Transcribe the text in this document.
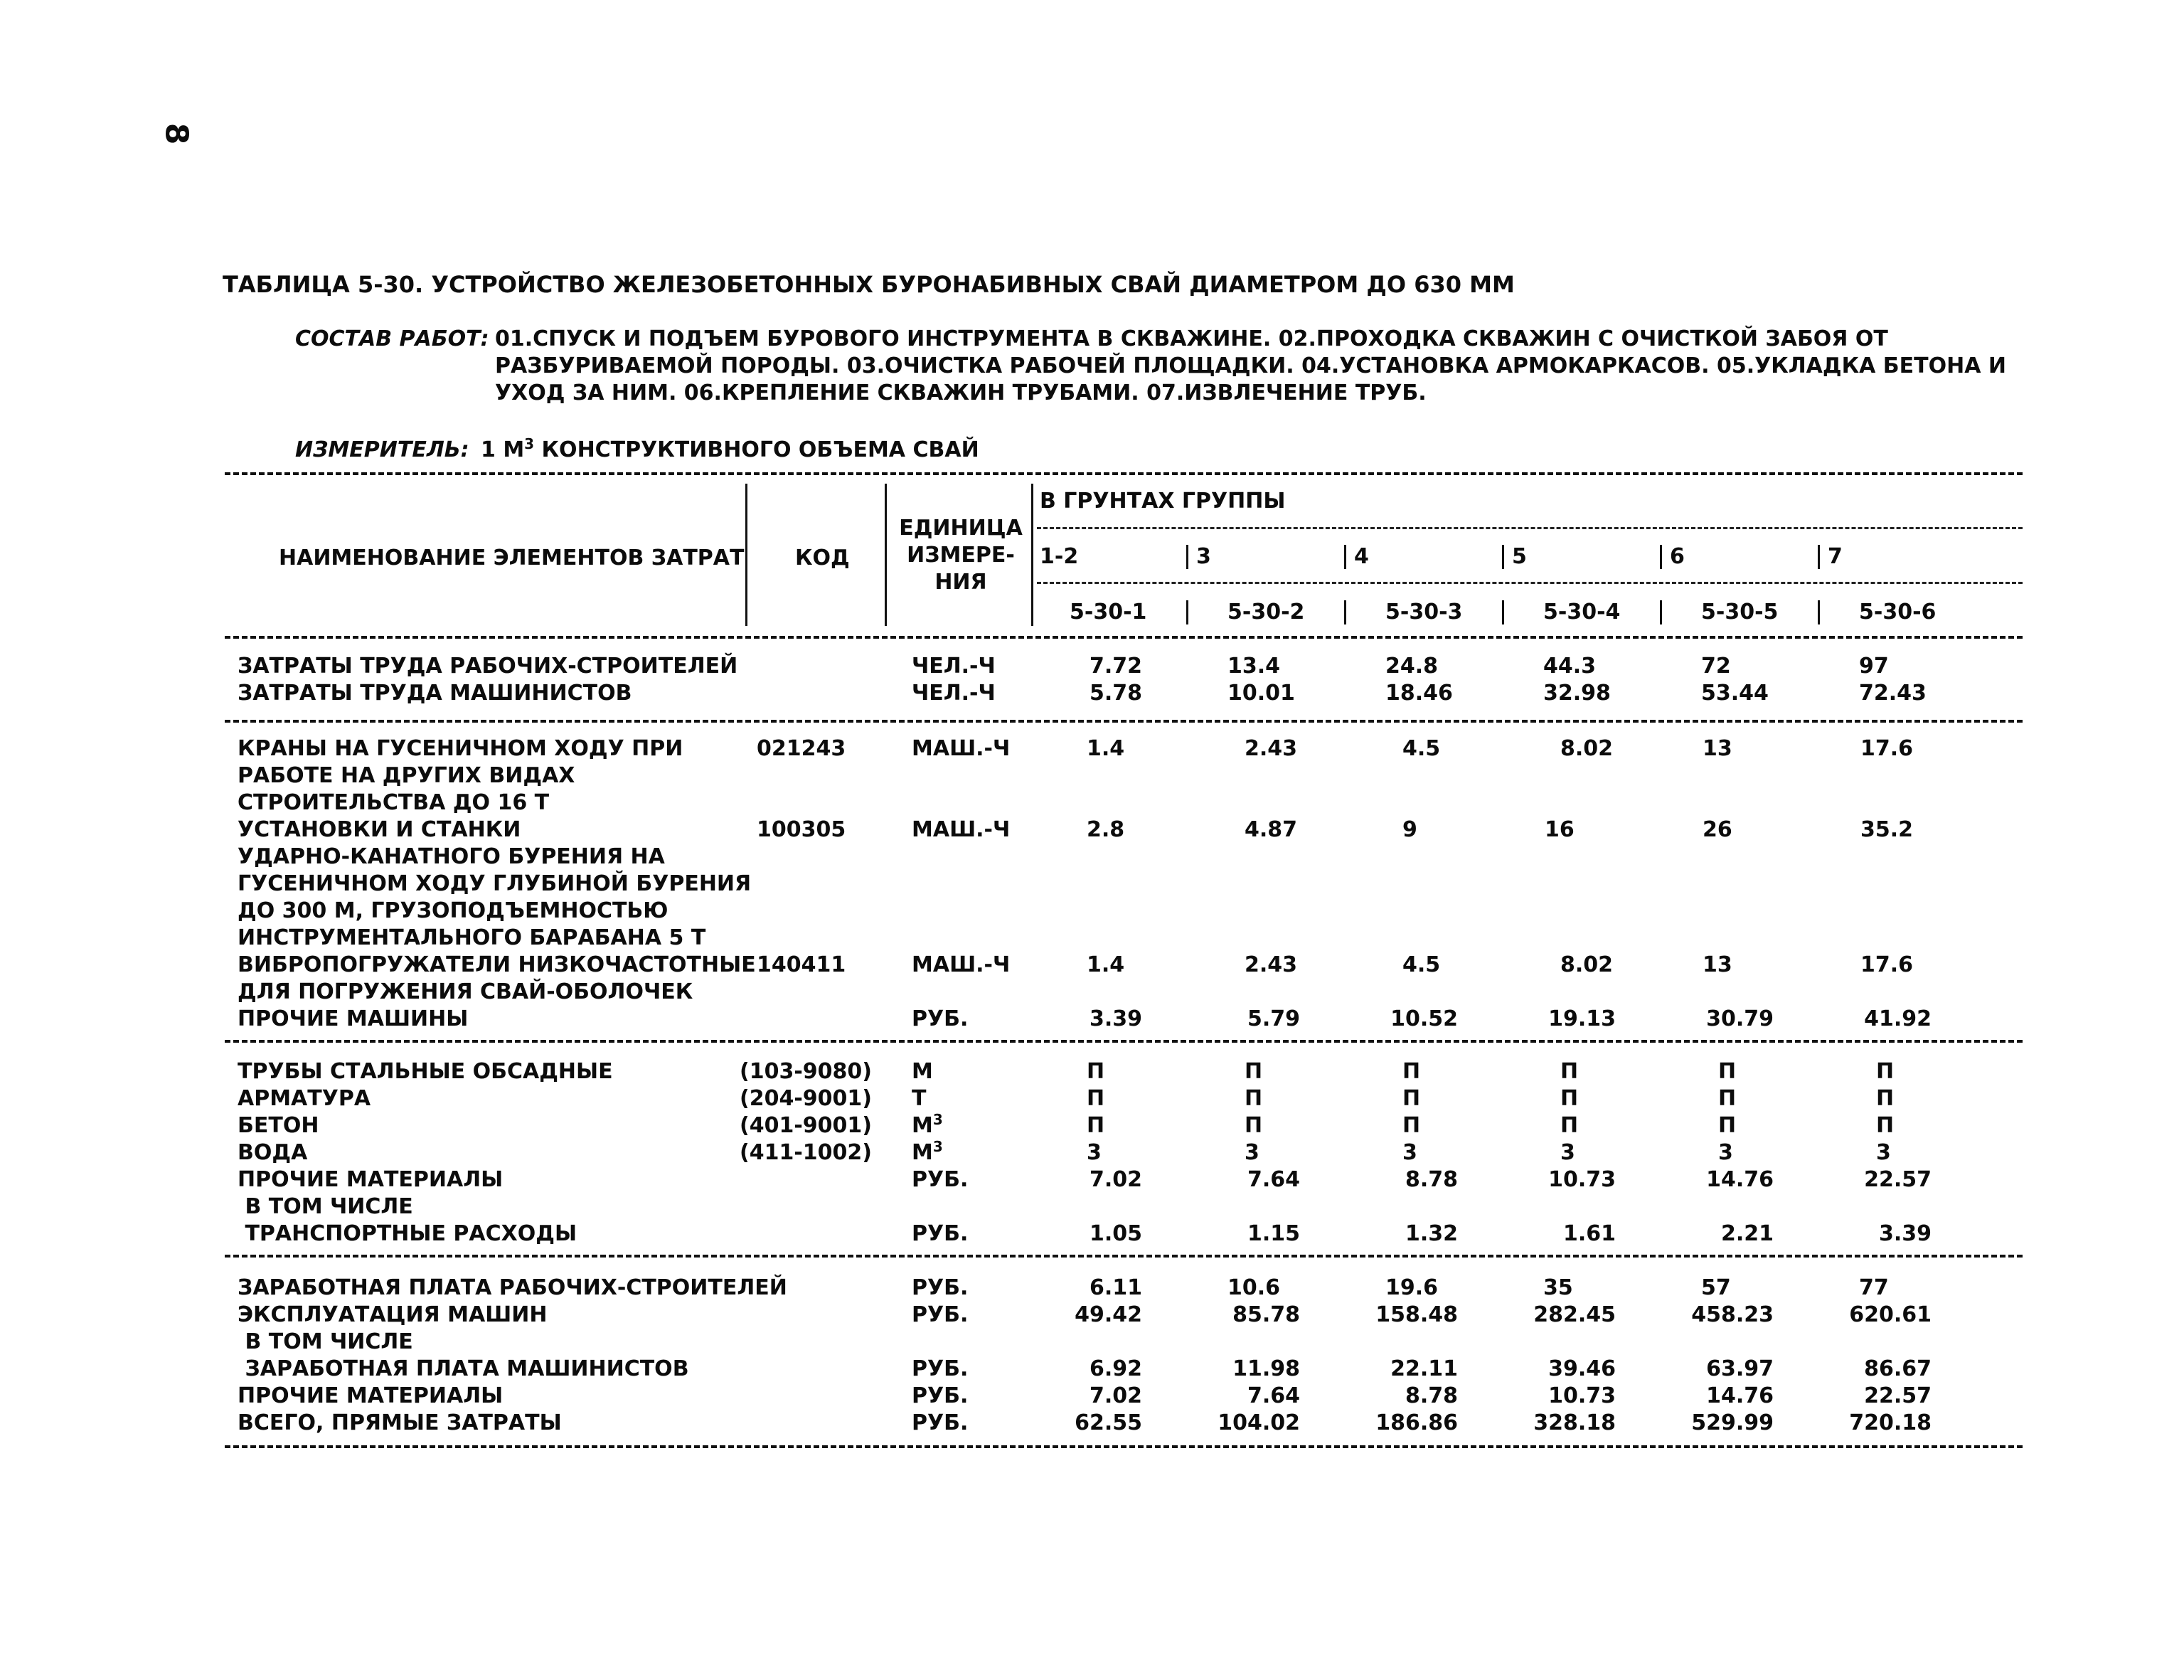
8
ТАБЛИЦА 5-30. УСТРОЙСТВО ЖЕЛЕЗОБЕТОННЫХ БУРОНАБИВНЫХ СВАЙ ДИАМЕТРОМ ДО 630 ММ
СОСТАВ РАБОТ: 01.СПУСК И ПОДЪЕМ БУРОВОГО ИНСТРУМЕНТА В СКВАЖИНЕ. 02.ПРОХОДКА СКВАЖИН С ОЧИСТКОЙ ЗАБОЯ ОТ
РАЗБУРИВАЕМОЙ ПОРОДЫ. 03.ОЧИСТКА РАБОЧЕЙ ПЛОЩАДКИ. 04.УСТАНОВКА АРМОКАРКАСОВ. 05.УКЛАДКА БЕТОНА И
УХОД ЗА НИМ. 06.КРЕПЛЕНИЕ СКВАЖИН ТРУБАМИ. 07.ИЗВЛЕЧЕНИЕ ТРУБ.
ИЗМЕРИТЕЛЬ: 1 $М^3$ КОНСТРУКТИВНОГО ОБЪЕМА СВАЙ
НАИМЕНОВАНИЕ ЭЛЕМЕНТОВ ЗАТРАТ КОД
ЕДИНИЦА
ИЗМЕРЕ-
НИЯ
В ГРУНТАХ ГРУППЫ
1-2	3	4	5	6	7
5-30-1	5-30-2	5-30-3	5-30-4	5-30-5	5-30-6
ЗАТРАТЫ ТРУДА РАБОЧИХ-СТРОИТЕЛЕЙ	ЧЕЛ.-Ч	7.72	13.4	24.8	44.3	72	97
ЗАТРАТЫ ТРУДА МАШИНИСТОВ	ЧЕЛ.-Ч	5.78	10.01	18.46	32.98	53.44	72.43
КРАНЫ НА ГУСЕНИЧНОМ ХОДУ ПРИ
РАБОТЕ НА ДРУГИХ ВИДАХ
СТРОИТЕЛЬСТВА ДО 16 Т
021243	МАШ.-Ч	1.4	2.43	4.5	8.02	13	17.6
УСТАНОВКИ И СТАНКИ
УДАРНО-КАНАТНОГО БУРЕНИЯ НА
ГУСЕНИЧНОМ ХОДУ ГЛУБИНОЙ БУРЕНИЯ
ДО 300 М, ГРУЗОПОДЪЕМНОСТЬЮ
ИНСТРУМЕНТАЛЬНОГО БАРАБАНА 5 Т
100305	МАШ.-Ч	2.8	4.87	9	16	26	35.2
ВИБРОПОГРУЖАТЕЛИ НИЗКОЧАСТОТНЫЕ
ДЛЯ ПОГРУЖЕНИЯ СВАЙ-ОБОЛОЧЕК
140411	МАШ.-Ч	1.4	2.43	4.5	8.02	13	17.6
ПРОЧИЕ МАШИНЫ	РУБ.	3.39	5.79	10.52	19.13	30.79	41.92
ТРУБЫ СТАЛЬНЫЕ ОБСАДНЫЕ	(103-9080) М	П	П	П	П	П	П
АРМАТУРА	(204-9001) Т	П	П	П	П	П	П
БЕТОН	(401-9001) $М^3$	П	П	П	П	П	П
ВОДА	(411-1002) $М^3$	3	3	3	3	3	3
ПРОЧИЕ МАТЕРИАЛЫ	РУБ.	7.02	7.64	8.78	10.73	14.76	22.57
В ТОМ ЧИСЛЕ
ТРАНСПОРТНЫЕ РАСХОДЫ	РУБ.	1.05	1.15	1.32	1.61	2.21	3.39
ЗАРАБОТНАЯ ПЛАТА РАБОЧИХ-СТРОИТЕЛЕЙ	РУБ.	6.11	10.6	19.6	35	57	77
ЭКСПЛУАТАЦИЯ МАШИН	РУБ.	49.42	85.78	158.48	282.45	458.23	620.61
В ТОМ ЧИСЛЕ
ЗАРАБОТНАЯ ПЛАТА МАШИНИСТОВ	РУБ.	6.92	11.98	22.11	39.46	63.97	86.67
ПРОЧИЕ МАТЕРИАЛЫ	РУБ.	7.02	7.64	8.78	10.73	14.76	22.57
ВСЕГО, ПРЯМЫЕ ЗАТРАТЫ	РУБ.	62.55	104.02	186.86	328.18	529.99	720.18
